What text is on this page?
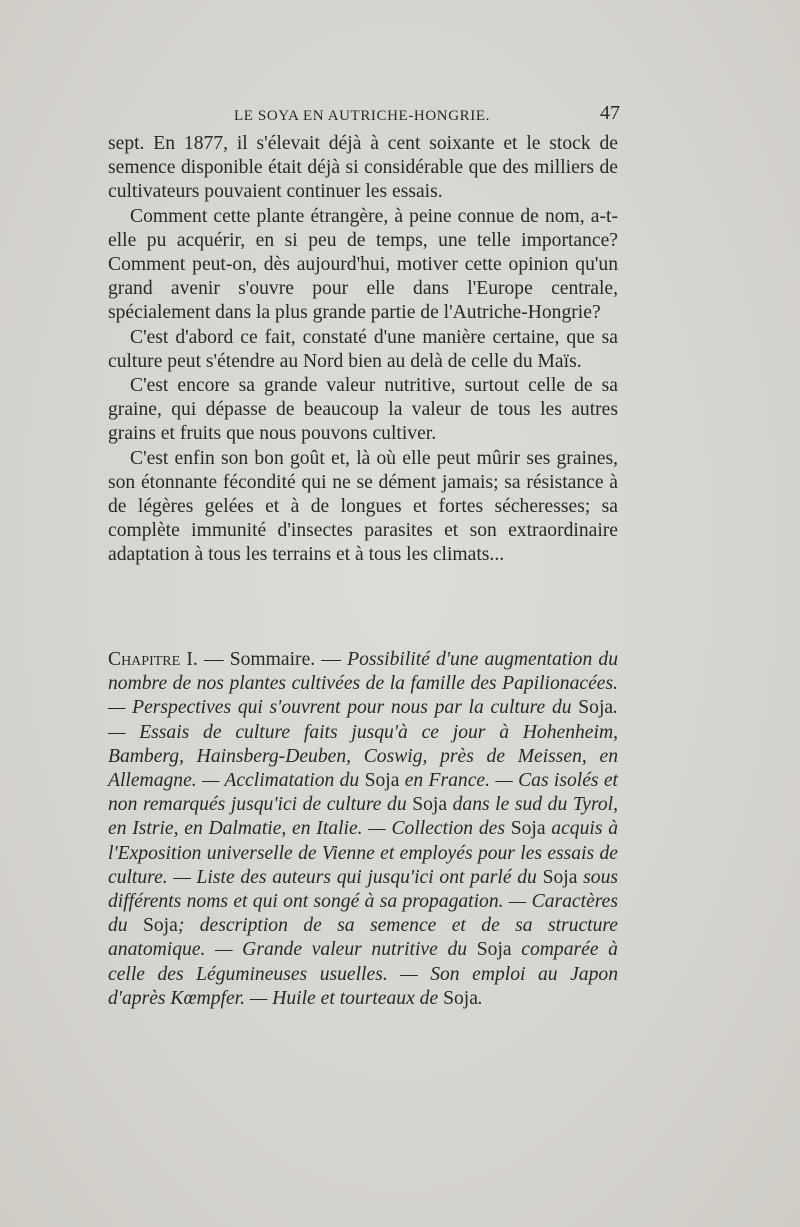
LE SOYA EN AUTRICHE-HONGRIE.	47

sept. En 1877, il s'élevait déjà à cent soixante et le stock de semence disponible était déjà si considérable que des milliers de cultivateurs pouvaient continuer les essais.

Comment cette plante étrangère, à peine connue de nom, a-t-elle pu acquérir, en si peu de temps, une telle importance? Comment peut-on, dès aujourd'hui, motiver cette opinion qu'un grand avenir s'ouvre pour elle dans l'Europe centrale, spécialement dans la plus grande partie de l'Autriche-Hongrie?

C'est d'abord ce fait, constaté d'une manière certaine, que sa culture peut s'étendre au Nord bien au delà de celle du Maïs.

C'est encore sa grande valeur nutritive, surtout celle de sa graine, qui dépasse de beaucoup la valeur de tous les autres grains et fruits que nous pouvons cultiver.

C'est enfin son bon goût et, là où elle peut mûrir ses graines, son étonnante fécondité qui ne se dément jamais; sa résistance à de légères gelées et à de longues et fortes sécheresses; sa complète immunité d'insectes parasites et son extraordinaire adaptation à tous les terrains et à tous les climats...

Chapitre I. — Sommaire. — Possibilité d'une augmentation du nombre de nos plantes cultivées de la famille des Papilionacées. — Perspectives qui s'ouvrent pour nous par la culture du Soja. — Essais de culture faits jusqu'à ce jour à Hohenheim, Bamberg, Hainsberg-Deuben, Coswig, près de Meissen, en Allemagne. — Acclimatation du Soja en France. — Cas isolés et non remarqués jusqu'ici de culture du Soja dans le sud du Tyrol, en Istrie, en Dalmatie, en Italie. — Collection des Soja acquis à l'Exposition universelle de Vienne et employés pour les essais de culture. — Liste des auteurs qui jusqu'ici ont parlé du Soja sous différents noms et qui ont songé à sa propagation. — Caractères du Soja; description de sa semence et de sa structure anatomique. — Grande valeur nutritive du Soja comparée à celle des Légumineuses usuelles. — Son emploi au Japon d'après Kœmpfer. — Huile et tourteaux de Soja.
